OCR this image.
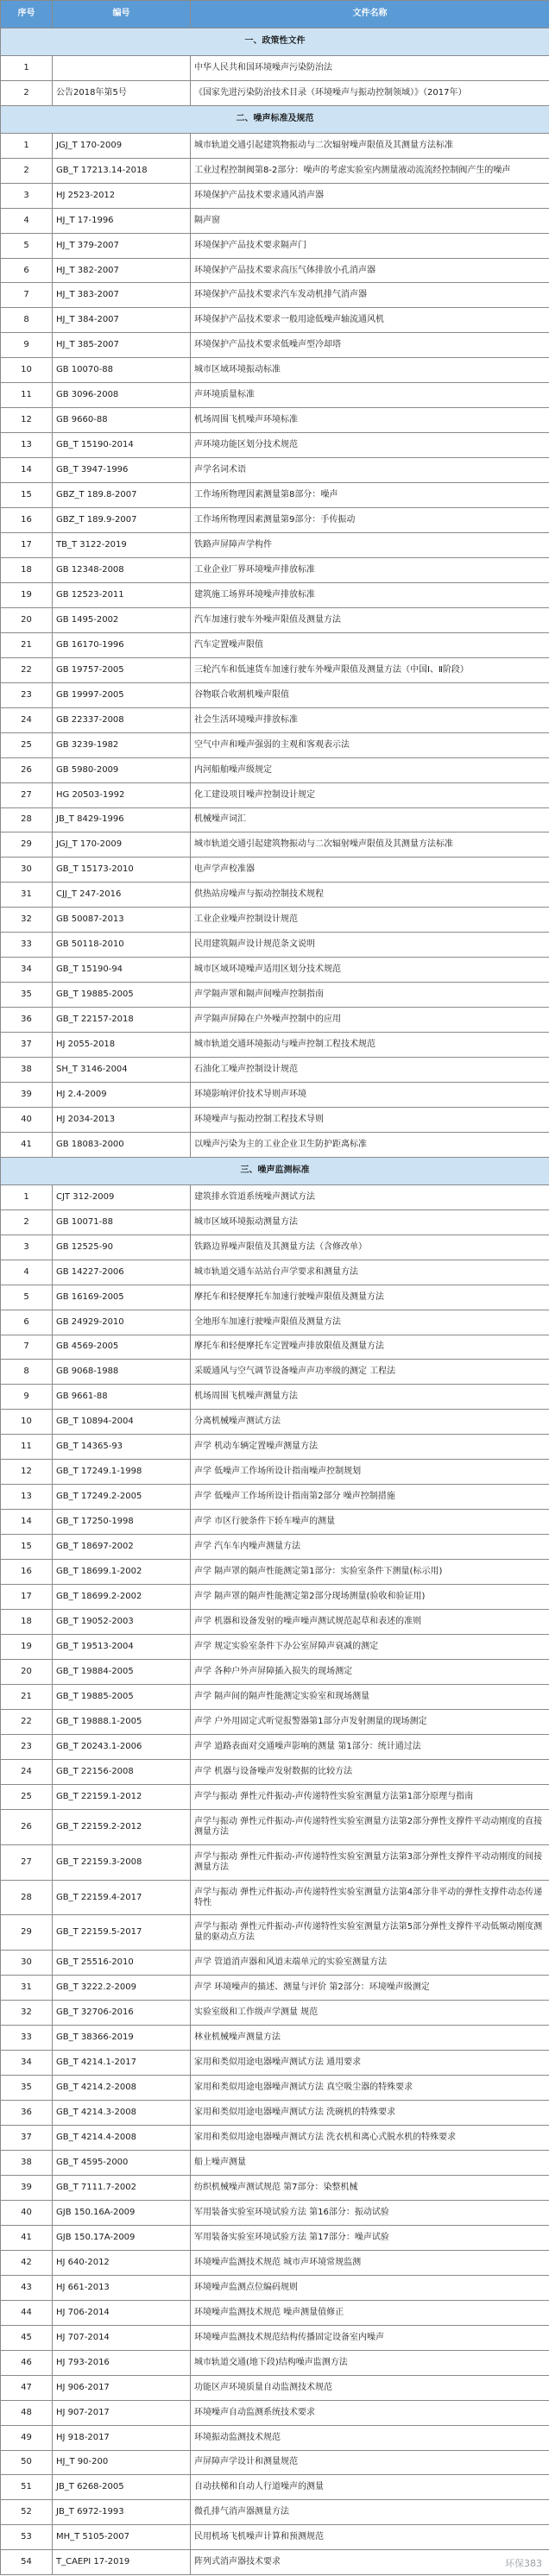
序号	编号	文件名称
一、政策性文件		
1		中华人民共和国环境噪声污染防治法
2	公告2018年第5号	《国家先进污染防治技术目录（环境噪声与振动控制领域）》（2017年）
二、噪声标准及规范		
1	JGJ_T 170-2009	城市轨道交通引起建筑物振动与二次辐射噪声限值及其测量方法标准
2	GB_T 17213.14-2018	工业过程控制阀第8-2部分：噪声的考虑实验室内测量液动流流经控制阀产生的噪声
3	HJ 2523-2012	环境保护产品技术要求通风消声器
4	HJ_T 17-1996	隔声窗
5	HJ_T 379-2007	环境保护产品技术要求隔声门
6	HJ_T 382-2007	环境保护产品技术要求高压气体排放小孔消声器
7	HJ_T 383-2007	环境保护产品技术要求汽车发动机排气消声器
8	HJ_T 384-2007	环境保护产品技术要求一般用途低噪声轴流通风机
9	HJ_T 385-2007	环境保护产品技术要求低噪声型冷却塔
10	GB 10070-88	城市区域环境振动标准
11	GB 3096-2008	声环境质量标准
12	GB 9660-88	机场周围飞机噪声环境标准
13	GB_T 15190-2014	声环境功能区划分技术规范
14	GB_T 3947-1996	声学名词术语
15	GBZ_T 189.8-2007	工作场所物理因素测量第8部分：噪声
16	GBZ_T 189.9-2007	工作场所物理因素测量第9部分：手传振动
17	TB_T 3122-2019	铁路声屏障声学构件
18	GB 12348-2008	工业企业厂界环境噪声排放标准
19	GB 12523-2011	建筑施工场界环境噪声排放标准
20	GB 1495-2002	汽车加速行驶车外噪声限值及测量方法
21	GB 16170-1996	汽车定置噪声限值
22	GB 19757-2005	三轮汽车和低速货车加速行驶车外噪声限值及测量方法（中国Ⅰ、Ⅱ阶段）
23	GB 19997-2005	谷物联合收割机噪声限值
24	GB 22337-2008	社会生活环境噪声排放标准
25	GB 3239-1982	空气中声和噪声强弱的主观和客观表示法
26	GB 5980-2009	内河船舶噪声级规定
27	HG 20503-1992	化工建设项目噪声控制设计规定
28	JB_T 8429-1996	机械噪声词汇
29	JGJ_T 170-2009	城市轨道交通引起建筑物振动与二次辐射噪声限值及其测量方法标准
30	GB_T 15173-2010	电声学声校准器
31	CJJ_T 247-2016	供热站房噪声与振动控制技术规程
32	GB 50087-2013	工业企业噪声控制设计规范
33	GB 50118-2010	民用建筑隔声设计规范条文说明
34	GB_T 15190-94	城市区域环境噪声适用区划分技术规范
35	GB_T 19885-2005	声学隔声罩和隔声间噪声控制指南
36	GB_T 22157-2018	声学隔声屏障在户外噪声控制中的应用
37	HJ 2055-2018	城市轨道交通环境振动与噪声控制工程技术规范
38	SH_T 3146-2004	石油化工噪声控制设计规范
39	HJ 2.4-2009	环境影响评价技术导则声环境
40	HJ 2034-2013	环境噪声与振动控制工程技术导则
41	GB 18083-2000	以噪声污染为主的工业企业卫生防护距离标准
三、噪声监测标准		
1	CJT 312-2009	建筑排水管道系统噪声测试方法
2	GB 10071-88	城市区域环境振动测量方法
3	GB 12525-90	铁路边界噪声限值及其测量方法（含修改单）
4	GB 14227-2006	城市轨道交通车站站台声学要求和测量方法
5	GB 16169-2005	摩托车和轻便摩托车加速行驶噪声限值及测量方法
6	GB 24929-2010	全地形车加速行驶噪声限值及测量方法
7	GB 4569-2005	摩托车和轻便摩托车定置噪声排放限值及测量方法
8	GB 9068-1988	采暖通风与空气调节设备噪声声功率级的测定 工程法
9	GB 9661-88	机场周围飞机噪声测量方法
10	GB_T 10894-2004	分离机械噪声测试方法
11	GB_T 14365-93	声学 机动车辆定置噪声测量方法
12	GB_T 17249.1-1998	声学 低噪声工作场所设计指南噪声控制规划
13	GB_T 17249.2-2005	声学 低噪声工作场所设计指南第2部分 噪声控制措施
14	GB_T 17250-1998	声学 市区行驶条件下轿车噪声的测量
15	GB_T 18697-2002	声学 汽车车内噪声测量方法
16	GB_T 18699.1-2002	声学 隔声罩的隔声性能测定第1部分：实验室条件下测量(标示用)
17	GB_T 18699.2-2002	声学 隔声罩的隔声性能测定第2部分现场测量(验收和验证用)
18	GB_T 19052-2003	声学 机器和设备发射的噪声噪声测试规范起草和表述的准则
19	GB_T 19513-2004	声学 规定实验室条件下办公室屏障声衰减的测定
20	GB_T 19884-2005	声学 各种户外声屏障插入损失的现场测定
21	GB_T 19885-2005	声学 隔声间的隔声性能测定实验室和现场测量
22	GB_T 19888.1-2005	声学 户外用固定式听觉报警器第1部分声发射测量的现场测定
23	GB_T 20243.1-2006	声学 道路表面对交通噪声影响的测量 第1部分：统计通过法
24	GB_T 22156-2008	声学 机器与设备噪声发射数据的比较方法
25	GB_T 22159.1-2012	声学与振动 弹性元件振动-声传递特性实验室测量方法第1部分原理与指南
26	GB_T 22159.2-2012	声学与振动 弹性元件振动-声传递特性实验室测量方法第2部分弹性支撑件平动动刚度的直接测量方法
27	GB_T 22159.3-2008	声学与振动 弹性元件振动-声传递特性实验室测量方法第3部分弹性支撑件平动动刚度的间接测量方法
28	GB_T 22159.4-2017	声学与振动 弹性元件振动-声传递特性实验室测量方法第4部分非平动的弹性支撑件动态传递特性
29	GB_T 22159.5-2017	声学与振动 弹性元件振动-声传递特性实验室测量方法第5部分弹性支撑件平动低频动刚度测量的驱动点方法
30	GB_T 25516-2010	声学 管道消声器和风道末端单元的实验室测量方法
31	GB_T 3222.2-2009	声学 环境噪声的描述、测量与评价 第2部分：环境噪声级测定
32	GB_T 32706-2016	实验室级和工作级声学测量 规范
33	GB_T 38366-2019	林业机械噪声测量方法
34	GB_T 4214.1-2017	家用和类似用途电器噪声测试方法 通用要求
35	GB_T 4214.2-2008	家用和类似用途电器噪声测试方法 真空吸尘器的特殊要求
36	GB_T 4214.3-2008	家用和类似用途电器噪声测试方法 洗碗机的特殊要求
37	GB_T 4214.4-2008	家用和类似用途电器噪声测试方法 洗衣机和离心式脱水机的特殊要求
38	GB_T 4595-2000	船上噪声测量
39	GB_T 7111.7-2002	纺织机械噪声测试规范 第7部分：染整机械
40	GJB 150.16A-2009	军用装备实验室环境试验方法 第16部分：振动试验
41	GJB 150.17A-2009	军用装备实验室环境试验方法 第17部分：噪声试验
42	HJ 640-2012	环境噪声监测技术规范 城市声环境常规监测
43	HJ 661-2013	环境噪声监测点位编码规则
44	HJ 706-2014	环境噪声监测技术规范 噪声测量值修正
45	HJ 707-2014	环境噪声监测技术规范结构传播固定设备室内噪声
46	HJ 793-2016	城市轨道交通(地下段)结构噪声监测方法
47	HJ 906-2017	功能区声环境质量自动监测技术规范
48	HJ 907-2017	环境噪声自动监测系统技术要求
49	HJ 918-2017	环境振动监测技术规范
50	HJ_T 90-200	声屏障声学设计和测量规范
51	JB_T 6268-2005	自动扶梯和自动人行道噪声的测量
52	JB_T 6972-1993	微孔排气消声器测量方法
53	MH_T 5105-2007	民用机场飞机噪声计算和预测规范
54	T_CAEPI 17-2019	阵列式消声器技术要求	环保383
